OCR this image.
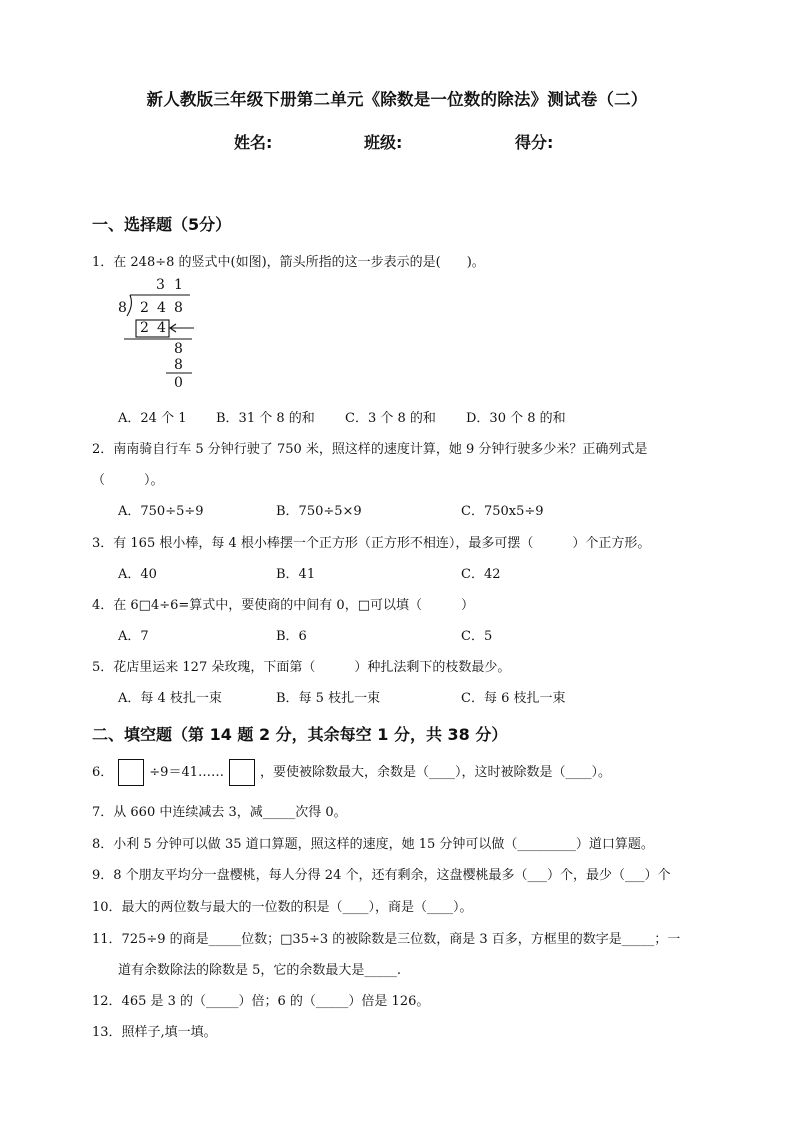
新人教版三年级下册第二单元《除数是一位数的除法》测试卷（二）
姓名:	班级:	得分:
一、选择题（5分）
1．在 248÷8 的竖式中(如图)，箭头所指的这一步表示的是(　　)。
3 1
8 2 4 8
2 4
8
8
0
A．24 个 1 B．31 个 8 的和 C．3 个 8 的和 D．30 个 8 的和
2．南南骑自行车 5 分钟行驶了 750 米，照这样的速度计算，她 9 分钟行驶多少米？正确列式是
（　　　）。
A．750÷5÷9	B．750÷5×9	C．750x5÷9
3．有 165 根小棒，每 4 根小棒摆一个正方形（正方形不相连），最多可摆（　　　）个正方形。
A．40	B．41	C．42
4．在 6□4÷6=算式中，要使商的中间有 0，□可以填（　　　）
A．7	B．6	C．5
5．花店里运来 127 朵玫瑰，下面第（　　　）种扎法剩下的枝数最少。
A．每 4 枝扎一束	B．每 5 枝扎一束	C．每 6 枝扎一束
二、填空题（第 14 题 2 分，其余每空 1 分，共 38 分）
6．	÷9＝41……	，要使被除数最大，余数是（____），这时被除数是（____）。
7．从 660 中连续减去 3，减_____次得 0。
8．小利 5 分钟可以做 35 道口算题，照这样的速度，她 15 分钟可以做（_________）道口算题。
9．8 个朋友平均分一盘樱桃，每人分得 24 个，还有剩余，这盘樱桃最多（___）个，最少（___）个
10．最大的两位数与最大的一位数的积是（____），商是（____）。
11．725÷9 的商是_____位数；□35÷3 的被除数是三位数，商是 3 百多，方框里的数字是_____；一
道有余数除法的除数是 5，它的余数最大是_____.
12．465 是 3 的（_____）倍；6 的（_____）倍是 126。
13．照样子,填一填。
